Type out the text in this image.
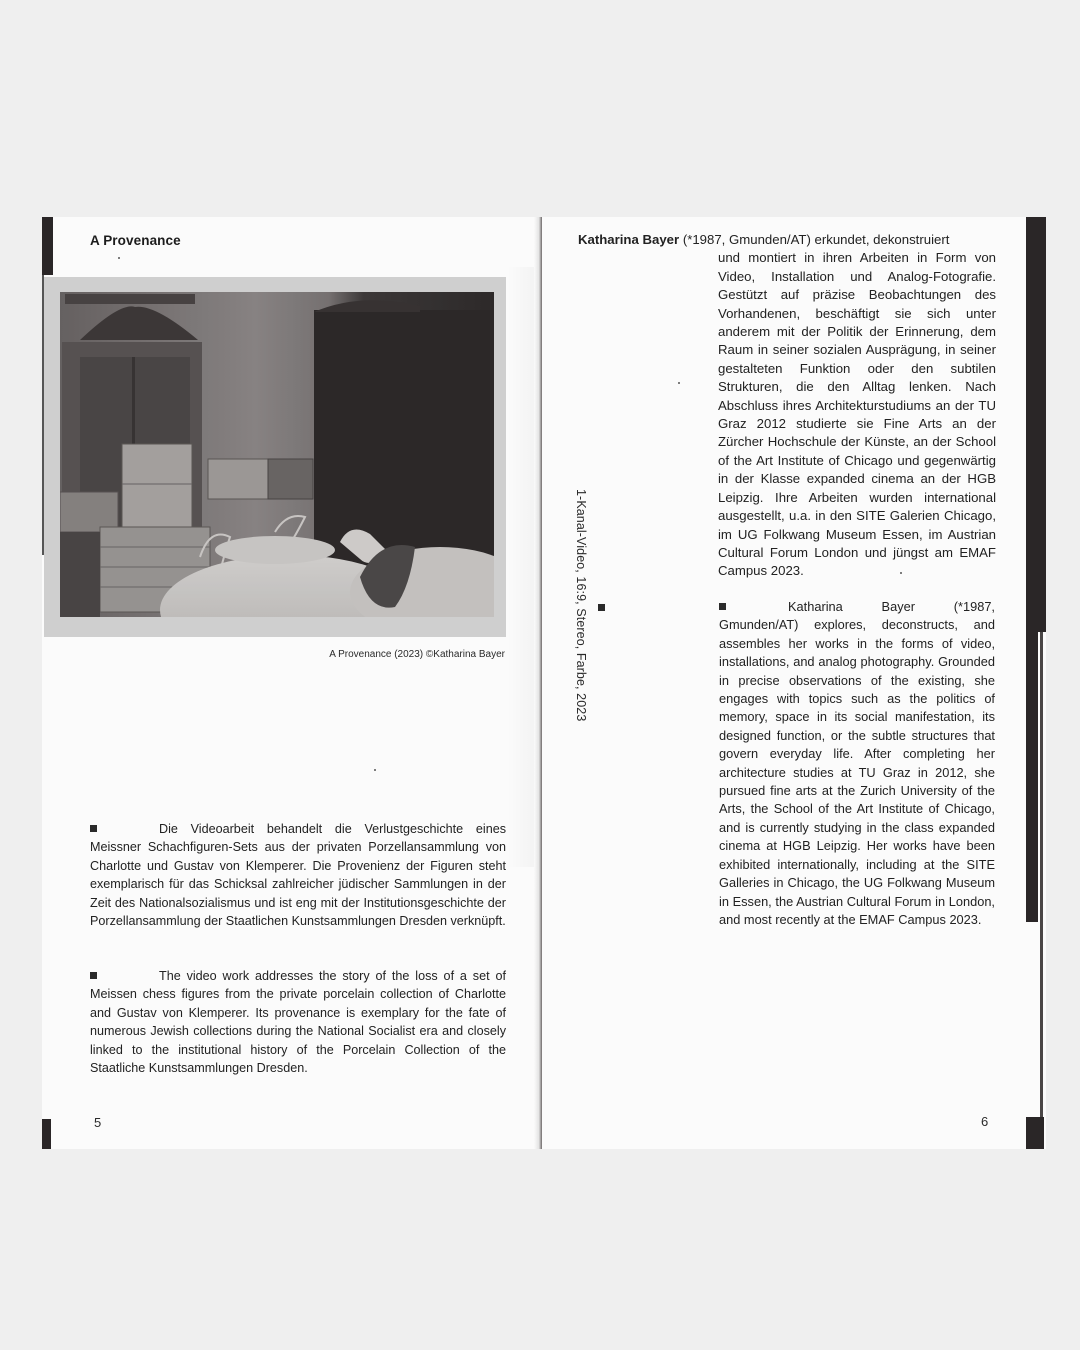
A Provenance
A Provenance (2023) ©Katharina Bayer

Die Videoarbeit behandelt die Verlustgeschichte eines Meissner Schachfiguren-Sets aus der privaten Porzellansammlung von Charlotte und Gustav von Klemperer. Die Provenienz der Figuren steht exemplarisch für das Schicksal zahlreicher jüdischer Sammlungen in der Zeit des Nationalsozialismus und ist eng mit der Institutionsgeschichte der Porzellansammlung der Staatlichen Kunstsammlungen Dresden verknüpft.

The video work addresses the story of the loss of a set of Meissen chess figures from the private porcelain collection of Charlotte and Gustav von Klemperer. Its provenance is exemplary for the fate of numerous Jewish collections during the National Socialist era and closely linked to the institutional history of the Porcelain Collection of the Staatliche Kunstsammlungen Dresden.

5
Katharina Bayer (*1987, Gmunden/AT) erkundet, dekonstruiert
und montiert in ihren Arbeiten in Form von Video, Installation und Analog-Fotografie. Gestützt auf präzise Beobachtungen des Vorhandenen, beschäftigt sie sich unter anderem mit der Politik der Erinnerung, dem Raum in seiner sozialen Ausprägung, in seiner gestalteten Funktion oder den subtilen Strukturen, die den Alltag lenken. Nach Abschluss ihres Architekturstudiums an der TU Graz 2012 studierte sie Fine Arts an der Zürcher Hochschule der Künste, an der School of the Art Institute of Chicago und gegenwärtig in der Klasse expanded cinema an der HGB Leipzig. Ihre Arbeiten wurden international ausgestellt, u.a. in den SITE Galerien Chicago, im UG Folkwang Museum Essen, im Austrian Cultural Forum London und jüngst am EMAF Campus 2023.
1-Kanal-Video, 16:9, Stereo, Farbe, 2023	Katharina Bayer (*1987, Gmunden/AT) explores, deconstructs, and assembles her works in the forms of video, installations, and analog photography. Grounded in precise observations of the existing, she engages with topics such as the politics of memory, space in its social manifestation, its designed function, or the subtle structures that govern everyday life. After completing her architecture studies at TU Graz in 2012, she pursued fine arts at the Zurich University of the Arts, the School of the Art Institute of Chicago, and is currently studying in the class expanded cinema at HGB Leipzig. Her works have been exhibited internationally, including at the SITE Galleries in Chicago, the UG Folkwang Museum in Essen, the Austrian Cultural Forum in London, and most recently at the EMAF Campus 2023.

6
